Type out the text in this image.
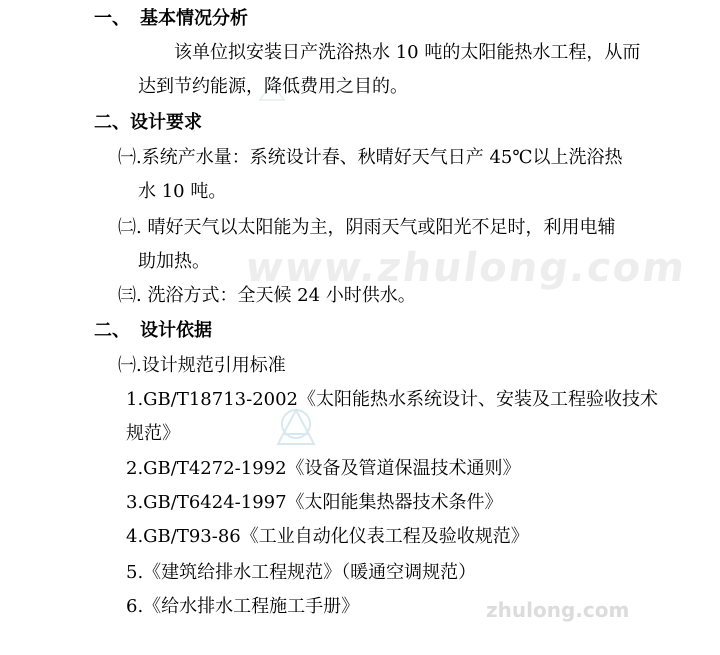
www.zhulong.com
zhulong.com
一、 基本情况分析
该单位拟安装日产洗浴热水 10 吨的太阳能热水工程，从而
达到节约能源，降低费用之目的。
二、设计要求
㈠.系统产水量：系统设计春、秋晴好天气日产 45℃以上洗浴热
水 10 吨。
㈡. 晴好天气以太阳能为主，阴雨天气或阳光不足时，利用电辅
助加热。
㈢. 洗浴方式：全天候 24 小时供水。
二、 设计依据
㈠.设计规范引用标准
1.GB/T18713-2002《太阳能热水系统设计、安装及工程验收技术
规范》
2.GB/T4272-1992《设备及管道保温技术通则》
3.GB/T6424-1997《太阳能集热器技术条件》
4.GB/T93-86《工业自动化仪表工程及验收规范》
5.《建筑给排水工程规范》（暖通空调规范）
6.《给水排水工程施工手册》
